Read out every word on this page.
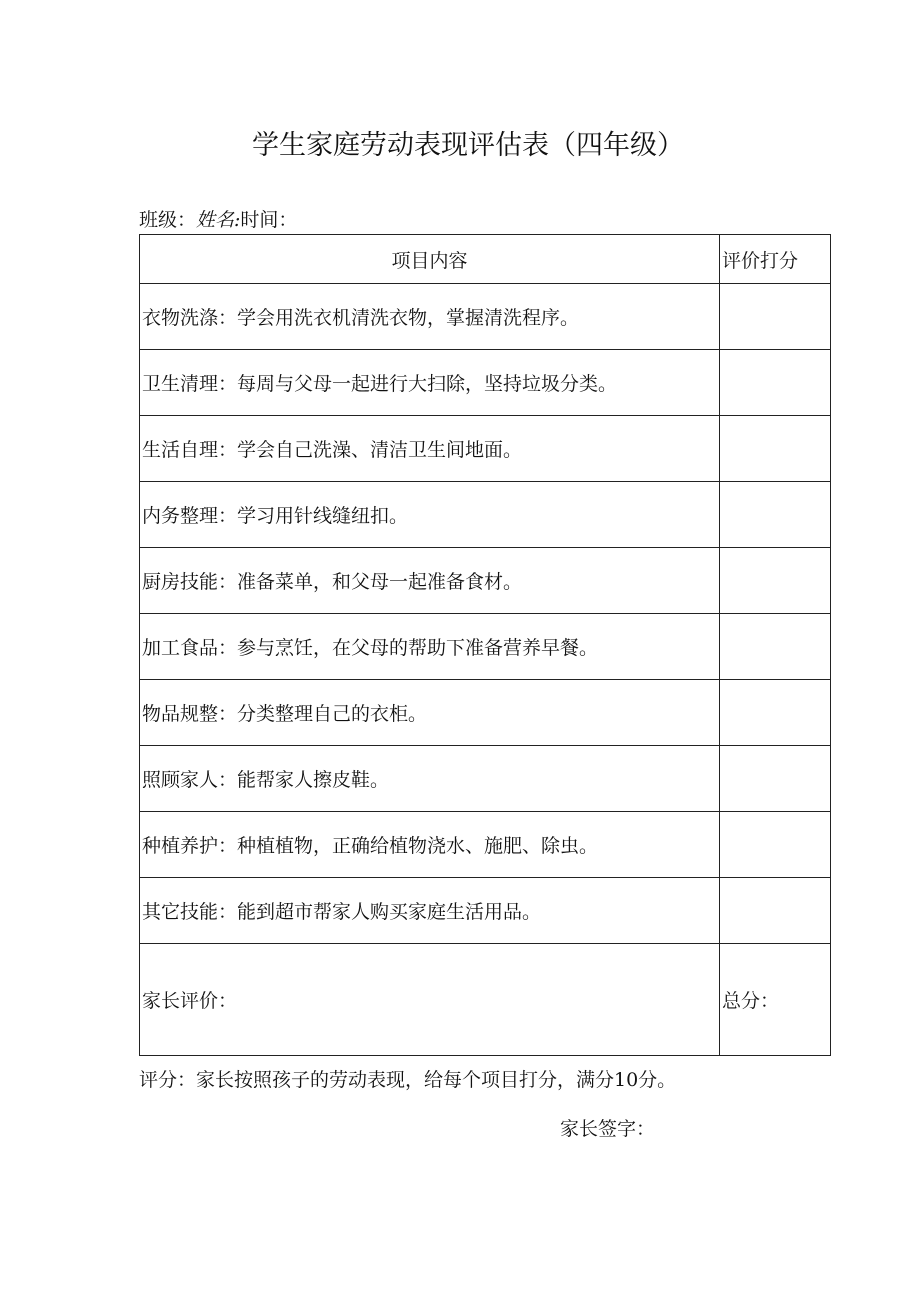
学生家庭劳动表现评估表（四年级）
班级：姓名:时间：
项目内容	评价打分
衣物洗涤：学会用洗衣机清洗衣物，掌握清洗程序。	
卫生清理：每周与父母一起进行大扫除，坚持垃圾分类。	
生活自理：学会自己洗澡、清洁卫生间地面。	
内务整理：学习用针线缝纽扣。	
厨房技能：准备菜单，和父母一起准备食材。	
加工食品：参与烹饪，在父母的帮助下准备营养早餐。	
物品规整：分类整理自己的衣柜。	
照顾家人：能帮家人擦皮鞋。	
种植养护：种植植物，正确给植物浇水、施肥、除虫。	
其它技能：能到超市帮家人购买家庭生活用品。	
家长评价：	总分：
评分：家长按照孩子的劳动表现，给每个项目打分，满分10分。
家长签字：
